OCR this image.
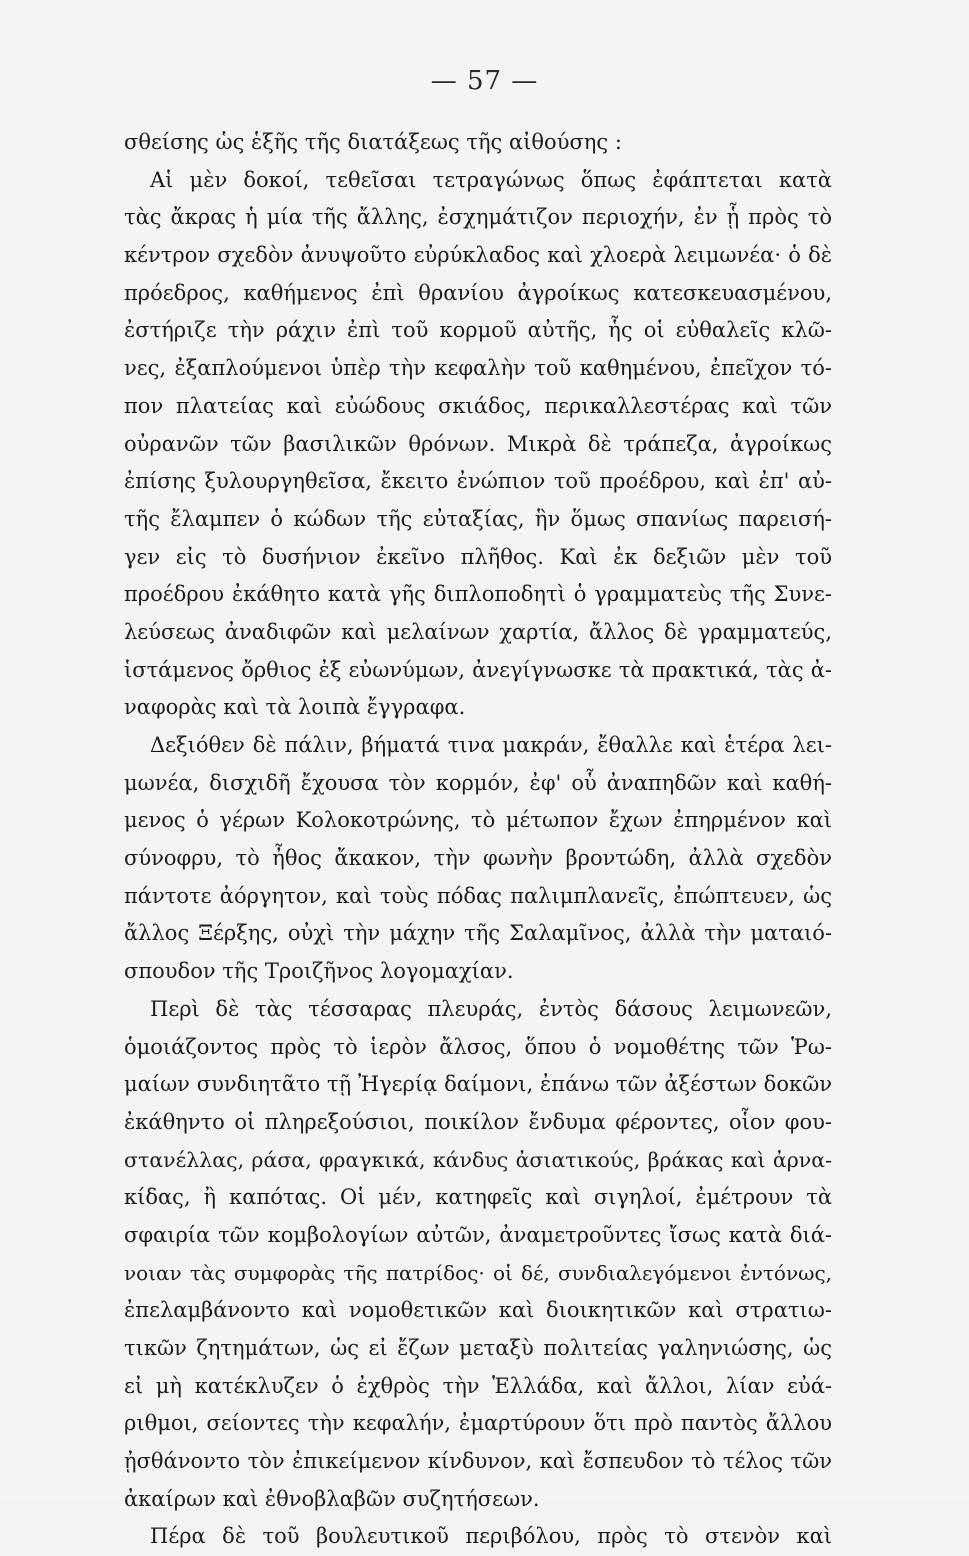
— 57 —
σθείσης ὡς ἑξῆς τῆς διατάξεως τῆς αἰθούσης :
Αἱ μὲν δοκοί, τεθεῖσαι τετραγώνως ὅπως ἐφάπτεται κατὰ
τὰς ἄκρας ἡ μία τῆς ἄλλης, ἐσχημάτιζον περιοχήν, ἐν ᾗ πρὸς τὸ
κέντρον σχεδὸν ἀνυψοῦτο εὐρύκλαδος καὶ χλοερὰ λειμωνέα· ὁ δὲ
πρόεδρος, καθήμενος ἐπὶ θρανίου ἀγροίκως κατεσκευασμένου,
ἐστήριζε τὴν ράχιν ἐπὶ τοῦ κορμοῦ αὐτῆς, ἧς οἱ εὐθαλεῖς κλῶ-
νες, ἐξαπλούμενοι ὑπὲρ τὴν κεφαλὴν τοῦ καθημένου, ἐπεῖχον τό-
πον πλατείας καὶ εὐώδους σκιάδος, περικαλλεστέρας καὶ τῶν
οὐρανῶν τῶν βασιλικῶν θρόνων. Μικρὰ δὲ τράπεζα, ἀγροίκως
ἐπίσης ξυλουργηθεῖσα, ἔκειτο ἐνώπιον τοῦ προέδρου, καὶ ἐπ' αὐ-
τῆς ἔλαμπεν ὁ κώδων τῆς εὐταξίας, ἣν ὅμως σπανίως παρεισή-
γεν εἰς τὸ δυσήνιον ἐκεῖνο πλῆθος. Καὶ ἐκ δεξιῶν μὲν τοῦ
προέδρου ἐκάθητο κατὰ γῆς διπλοποδητὶ ὁ γραμματεὺς τῆς Συνε-
λεύσεως ἀναδιφῶν καὶ μελαίνων χαρτία, ἄλλος δὲ γραμματεύς,
ἱστάμενος ὄρθιος ἐξ εὐωνύμων, ἀνεγίγνωσκε τὰ πρακτικά, τὰς ἀ-
ναφορὰς καὶ τὰ λοιπὰ ἔγγραφα.
Δεξιόθεν δὲ πάλιν, βήματά τινα μακράν, ἔθαλλε καὶ ἑτέρα λει-
μωνέα, δισχιδῆ ἔχουσα τὸν κορμόν, ἐφ' οὗ ἀναπηδῶν καὶ καθή-
μενος ὁ γέρων Κολοκοτρώνης, τὸ μέτωπον ἔχων ἐπηρμένον καὶ
σύνοφρυ, τὸ ἦθος ἄκακον, τὴν φωνὴν βροντώδη, ἀλλὰ σχεδὸν
πάντοτε ἀόργητον, καὶ τοὺς πόδας παλιμπλανεῖς, ἐπώπτευεν, ὡς
ἄλλος Ξέρξης, οὐχὶ τὴν μάχην τῆς Σαλαμῖνος, ἀλλὰ τὴν ματαιό-
σπουδον τῆς Τροιζῆνος λογομαχίαν.
Περὶ δὲ τὰς τέσσαρας πλευράς, ἐντὸς δάσους λειμωνεῶν,
ὁμοιάζοντος πρὸς τὸ ἱερὸν ἄλσος, ὅπου ὁ νομοθέτης τῶν Ῥω-
μαίων συνδιητᾶτο τῇ Ἠγερίᾳ δαίμονι, ἐπάνω τῶν ἀξέστων δοκῶν
ἐκάθηντο οἱ πληρεξούσιοι, ποικίλον ἔνδυμα φέροντες, οἷον φου-
στανέλλας, ράσα, φραγκικά, κάνδυς ἀσιατικούς, βράκας καὶ ἀρνα-
κίδας, ἢ καπότας. Οἱ μέν, κατηφεῖς καὶ σιγηλοί, ἐμέτρουν τὰ
σφαιρία τῶν κομβολογίων αὐτῶν, ἀναμετροῦντες ἴσως κατὰ διά-
νοιαν τὰς συμφορὰς τῆς πατρίδος· οἱ δέ, συνδιαλεγόμενοι ἐντόνως,
ἐπελαμβάνοντο καὶ νομοθετικῶν καὶ διοικητικῶν καὶ στρατιω-
τικῶν ζητημάτων, ὡς εἰ ἔζων μεταξὺ πολιτείας γαληνιώσης, ὡς
εἰ μὴ κατέκλυζεν ὁ ἐχθρὸς τὴν Ἑλλάδα, καὶ ἄλλοι, λίαν εὐά-
ριθμοι, σείοντες τὴν κεφαλήν, ἐμαρτύρουν ὅτι πρὸ παντὸς ἄλλου
ᾐσθάνοντο τὸν ἐπικείμενον κίνδυνον, καὶ ἔσπευδον τὸ τέλος τῶν
ἀκαίρων καὶ ἐθνοβλαβῶν συζητήσεων.
Πέρα δὲ τοῦ βουλευτικοῦ περιβόλου, πρὸς τὸ στενὸν καὶ
